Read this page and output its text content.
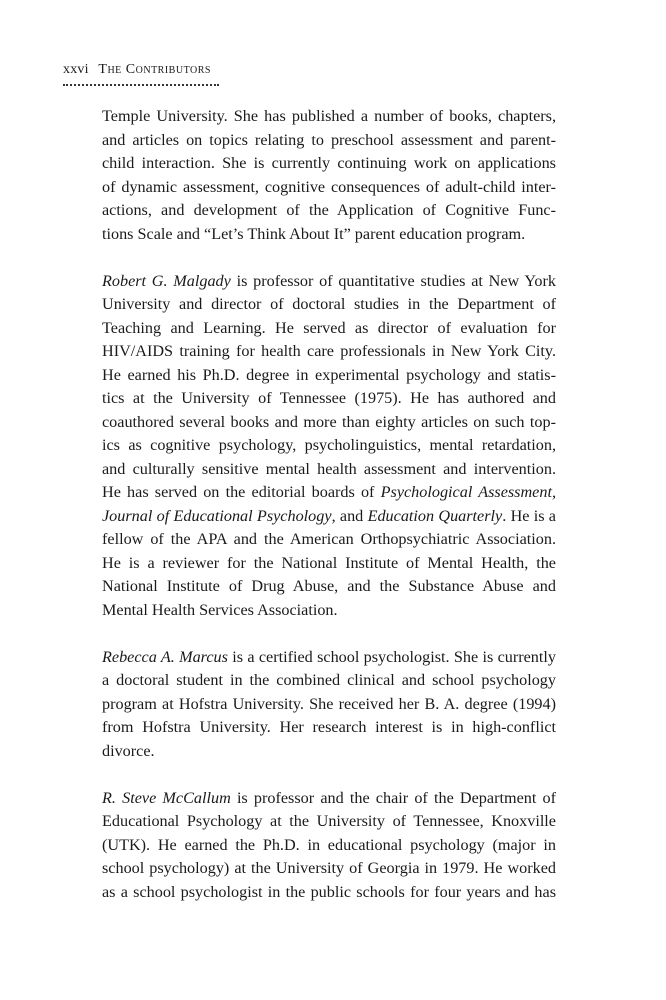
xxvi The Contributors

Temple University. She has published a number of books, chapters,
and articles on topics relating to preschool assessment and parent-
child interaction. She is currently continuing work on applications
of dynamic assessment, cognitive consequences of adult-child inter-
actions, and development of the Application of Cognitive Func-
tions Scale and “Let’s Think About It” parent education program.

Robert G. Malgady is professor of quantitative studies at New York
University and director of doctoral studies in the Department of
Teaching and Learning. He served as director of evaluation for
HIV/AIDS training for health care professionals in New York City.
He earned his Ph.D. degree in experimental psychology and statis-
tics at the University of Tennessee (1975). He has authored and
coauthored several books and more than eighty articles on such top-
ics as cognitive psychology, psycholinguistics, mental retardation,
and culturally sensitive mental health assessment and intervention.
He has served on the editorial boards of Psychological Assessment,
Journal of Educational Psychology, and Education Quarterly. He is a
fellow of the APA and the American Orthopsychiatric Association.
He is a reviewer for the National Institute of Mental Health, the
National Institute of Drug Abuse, and the Substance Abuse and
Mental Health Services Association.

Rebecca A. Marcus is a certified school psychologist. She is currently
a doctoral student in the combined clinical and school psychology
program at Hofstra University. She received her B. A. degree (1994)
from Hofstra University. Her research interest is in high-conflict
divorce.

R. Steve McCallum is professor and the chair of the Department of
Educational Psychology at the University of Tennessee, Knoxville
(UTK). He earned the Ph.D. in educational psychology (major in
school psychology) at the University of Georgia in 1979. He worked
as a school psychologist in the public schools for four years and has
